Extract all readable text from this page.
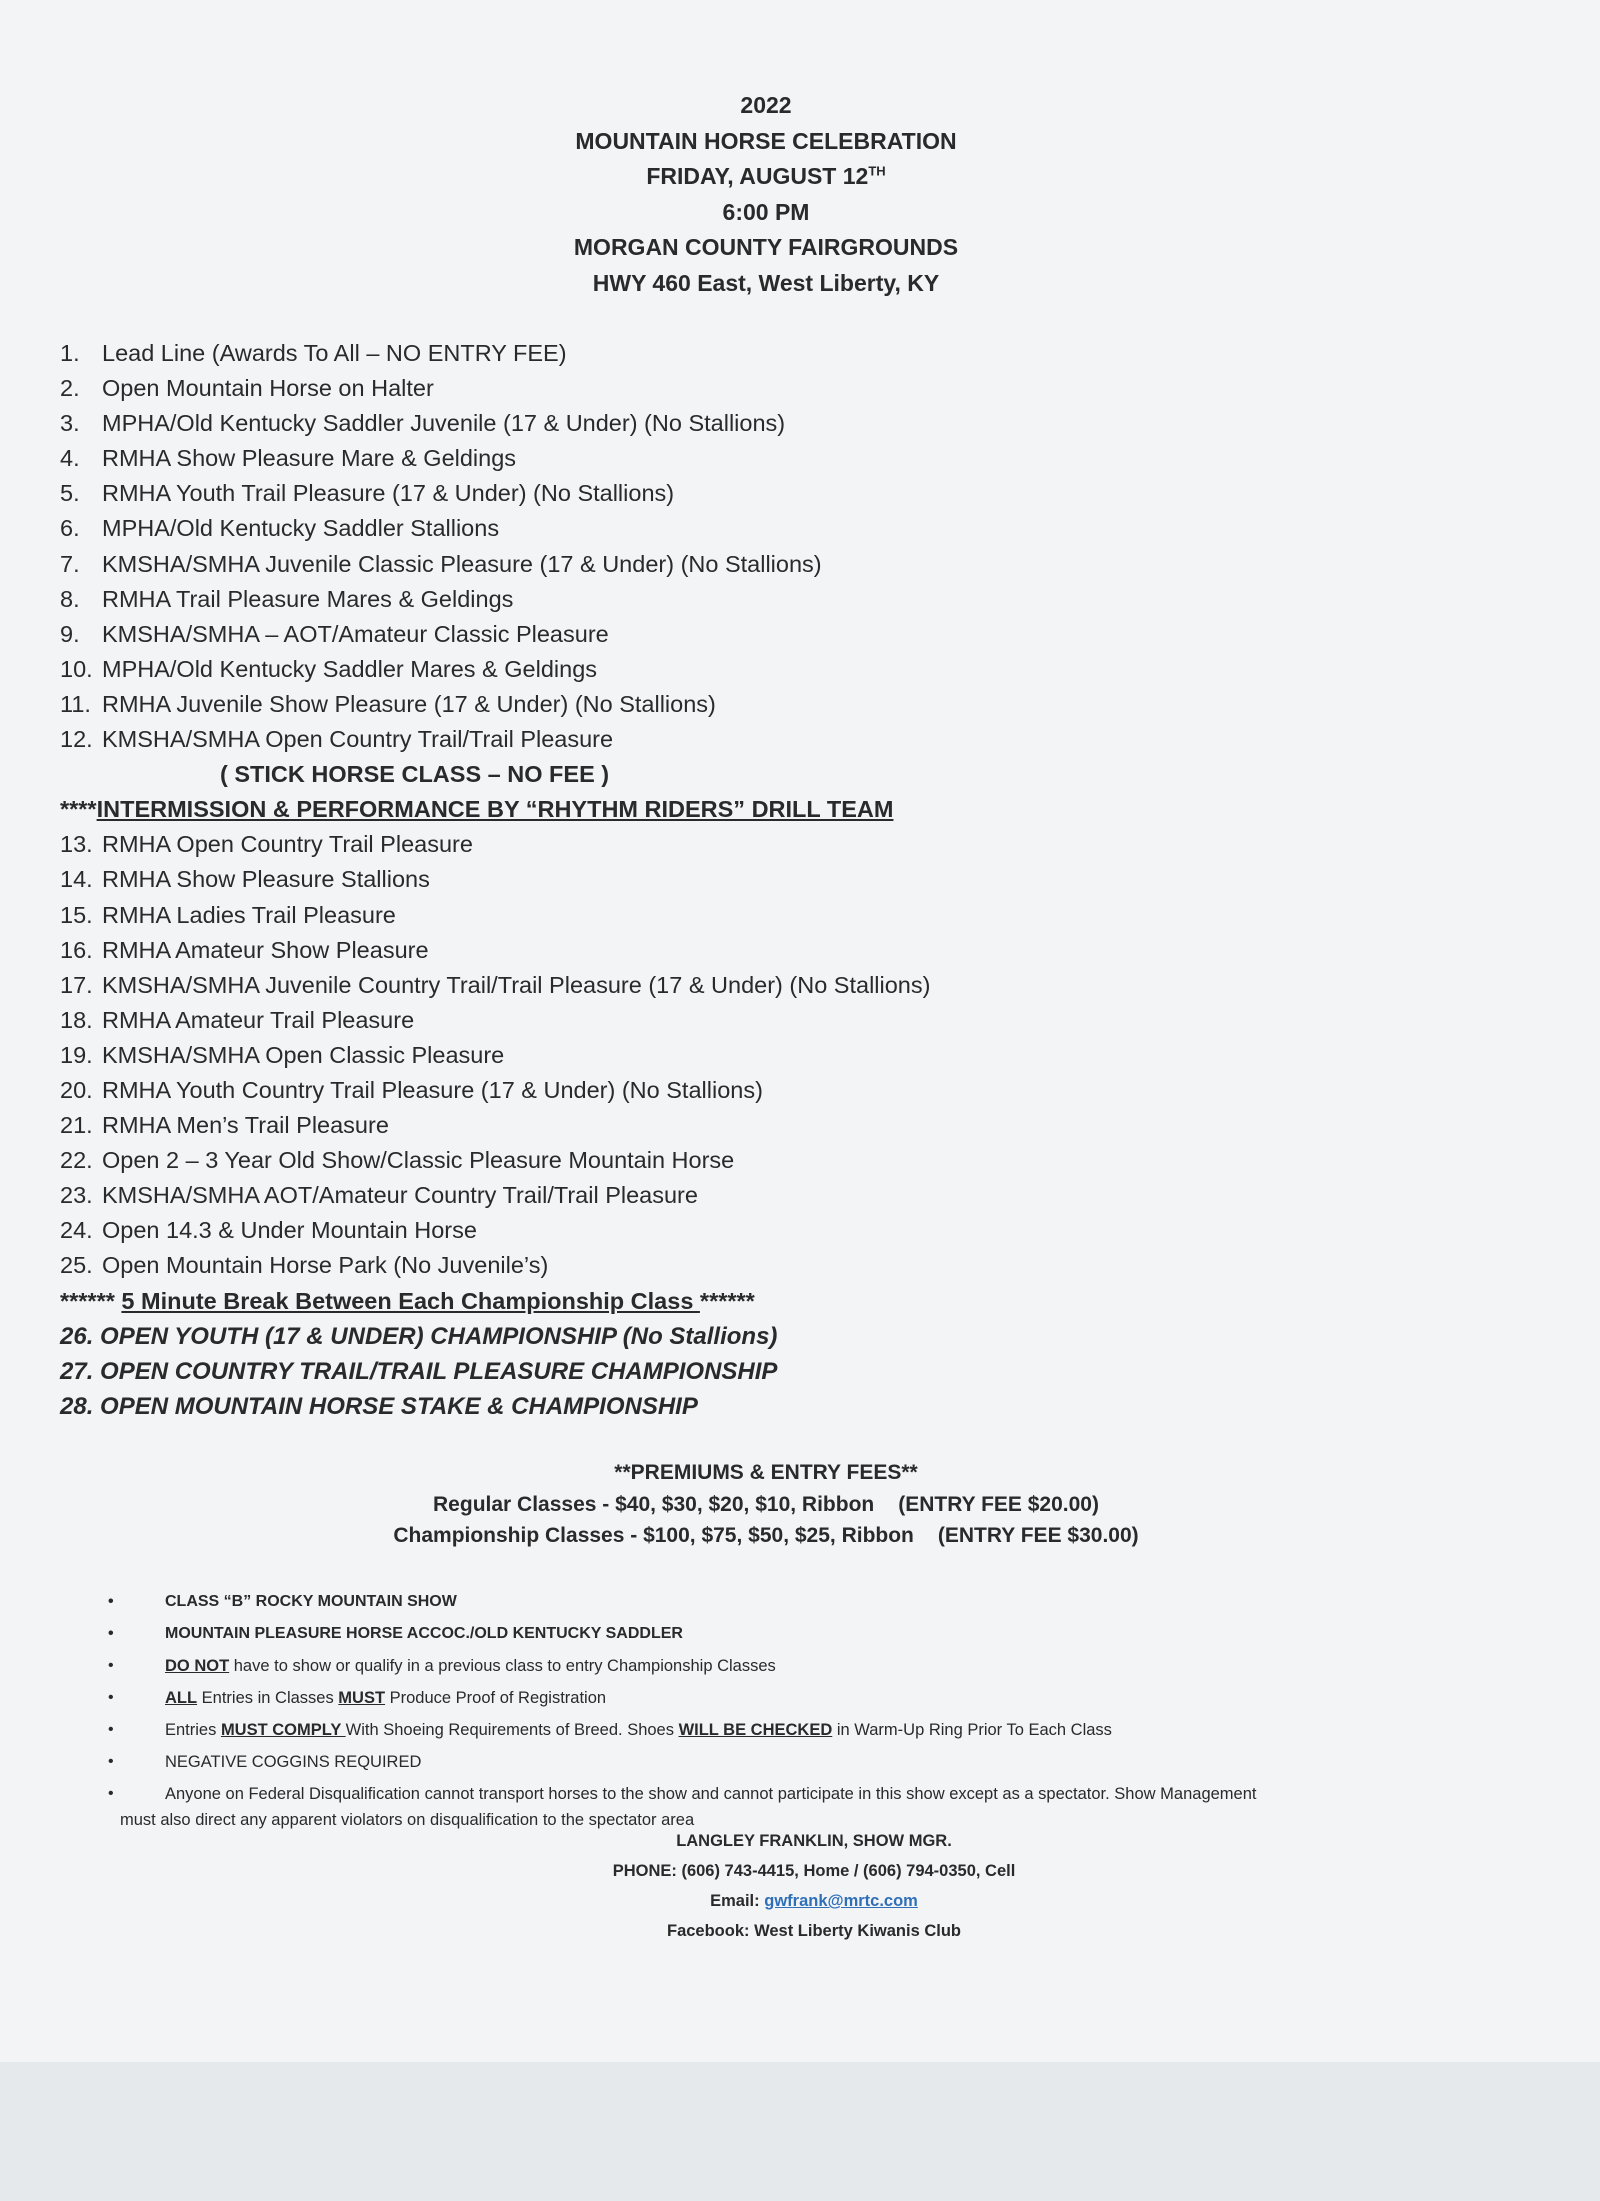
2022
MOUNTAIN HORSE CELEBRATION
FRIDAY, AUGUST 12TH
6:00 PM
MORGAN COUNTY FAIRGROUNDS
HWY 460 East, West Liberty, KY
1. Lead Line (Awards To All – NO ENTRY FEE)
2. Open Mountain Horse on Halter
3. MPHA/Old Kentucky Saddler Juvenile (17 & Under) (No Stallions)
4. RMHA Show Pleasure Mare & Geldings
5. RMHA Youth Trail Pleasure (17 & Under) (No Stallions)
6. MPHA/Old Kentucky Saddler Stallions
7. KMSHA/SMHA Juvenile Classic Pleasure (17 & Under) (No Stallions)
8. RMHA Trail Pleasure Mares & Geldings
9. KMSHA/SMHA – AOT/Amateur Classic Pleasure
10. MPHA/Old Kentucky Saddler Mares & Geldings
11. RMHA Juvenile Show Pleasure (17 & Under) (No Stallions)
12. KMSHA/SMHA Open Country Trail/Trail Pleasure
( STICK HORSE CLASS – NO FEE )
****INTERMISSION & PERFORMANCE BY “RHYTHM RIDERS” DRILL TEAM
13. RMHA Open Country Trail Pleasure
14. RMHA Show Pleasure Stallions
15. RMHA Ladies Trail Pleasure
16. RMHA Amateur Show Pleasure
17. KMSHA/SMHA Juvenile Country Trail/Trail Pleasure (17 & Under) (No Stallions)
18. RMHA Amateur Trail Pleasure
19. KMSHA/SMHA Open Classic Pleasure
20. RMHA Youth Country Trail Pleasure (17 & Under) (No Stallions)
21. RMHA Men’s Trail Pleasure
22. Open 2 – 3 Year Old Show/Classic Pleasure Mountain Horse
23. KMSHA/SMHA AOT/Amateur Country Trail/Trail Pleasure
24. Open 14.3 & Under Mountain Horse
25. Open Mountain Horse Park (No Juvenile’s)
****** 5 Minute Break Between Each Championship Class ******
26. OPEN YOUTH (17 & UNDER) CHAMPIONSHIP (No Stallions)
27. OPEN COUNTRY TRAIL/TRAIL PLEASURE CHAMPIONSHIP
28. OPEN MOUNTAIN HORSE STAKE & CHAMPIONSHIP
**PREMIUMS & ENTRY FEES**
Regular Classes - $40, $30, $20, $10, Ribbon (ENTRY FEE $20.00)
Championship Classes - $100, $75, $50, $25, Ribbon (ENTRY FEE $30.00)
•	CLASS “B” ROCKY MOUNTAIN SHOW
•	MOUNTAIN PLEASURE HORSE ACCOC./OLD KENTUCKY SADDLER
•	DO NOT have to show or qualify in a previous class to entry Championship Classes
•	ALL Entries in Classes MUST Produce Proof of Registration
•	Entries MUST COMPLY With Shoeing Requirements of Breed. Shoes WILL BE CHECKED in Warm-Up Ring Prior To Each Class
•	NEGATIVE COGGINS REQUIRED
•	Anyone on Federal Disqualification cannot transport horses to the show and cannot participate in this show except as a spectator. Show Management
must also direct any apparent violators on disqualification to the spectator area
LANGLEY FRANKLIN, SHOW MGR.
PHONE: (606) 743-4415, Home / (606) 794-0350, Cell
Email: gwfrank@mrtc.com
Facebook: West Liberty Kiwanis Club
